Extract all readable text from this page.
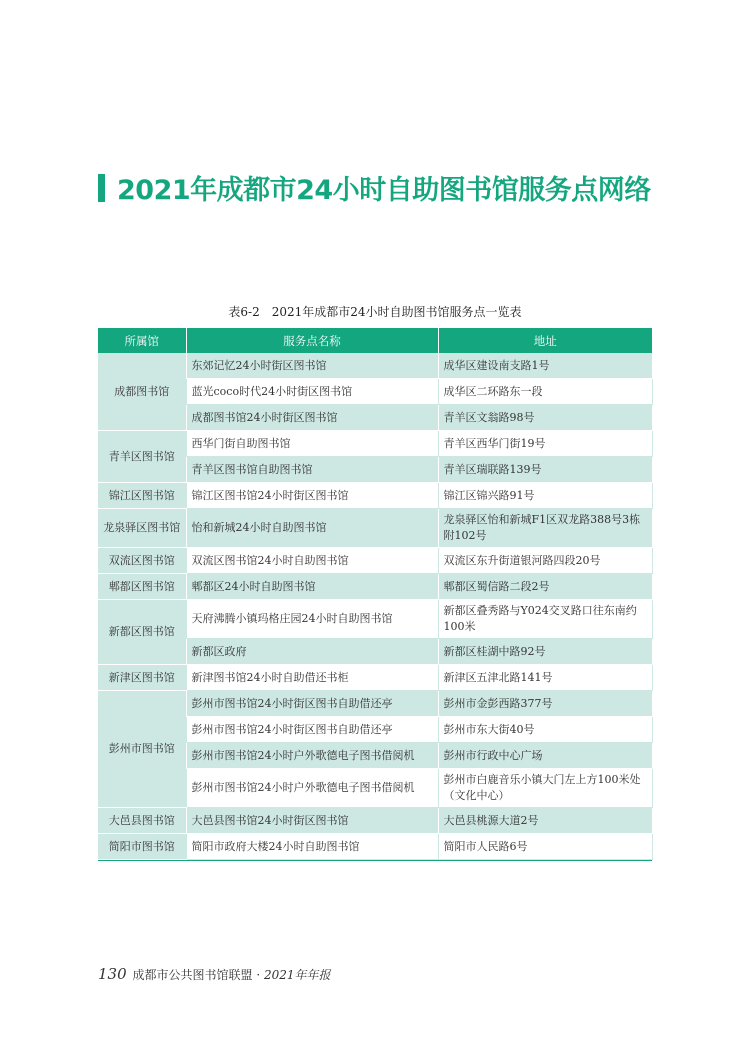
2021年成都市24小时自助图书馆服务点网络
表6-2　2021年成都市24小时自助图书馆服务点一览表
所属馆	服务点名称	地址
成都图书馆	东郊记忆24小时街区图书馆	成华区建设南支路1号
	蓝光coco时代24小时街区图书馆	成华区二环路东一段
	成都图书馆24小时街区图书馆	青羊区文翁路98号
青羊区图书馆	西华门街自助图书馆	青羊区西华门街19号
	青羊区图书馆自助图书馆	青羊区瑞联路139号
锦江区图书馆	锦江区图书馆24小时街区图书馆	锦江区锦兴路91号
龙泉驿区图书馆	怡和新城24小时自助图书馆	龙泉驿区怡和新城F1区双龙路388号3栋附102号
双流区图书馆	双流区图书馆24小时自助图书馆	双流区东升街道银河路四段20号
郫都区图书馆	郫都区24小时自助图书馆	郫都区蜀信路二段2号
新都区图书馆	天府沸腾小镇玛格庄园24小时自助图书馆	新都区叠秀路与Y024交叉路口往东南约100米
	新都区政府	新都区桂湖中路92号
新津区图书馆	新津图书馆24小时自助借还书柜	新津区五津北路141号
彭州市图书馆	彭州市图书馆24小时街区图书自助借还亭	彭州市金彭西路377号
	彭州市图书馆24小时街区图书自助借还亭	彭州市东大街40号
	彭州市图书馆24小时户外歌德电子图书借阅机	彭州市行政中心广场
	彭州市图书馆24小时户外歌德电子图书借阅机	彭州市白鹿音乐小镇大门左上方100米处（文化中心）
大邑县图书馆	大邑县图书馆24小时街区图书馆	大邑县桃源大道2号
简阳市图书馆	简阳市政府大楼24小时自助图书馆	简阳市人民路6号
130 成都市公共图书馆联盟 · 2021年年报
